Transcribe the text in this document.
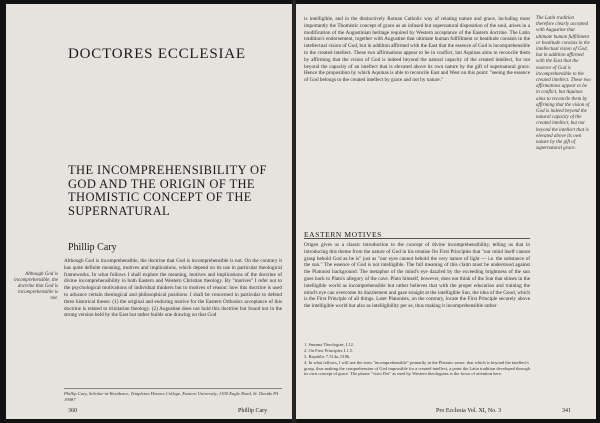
DOCTORES ECCLESIAE
THE INCOMPREHENSIBILITY OF GOD AND THE ORIGIN OF THE THOMISTIC CONCEPT OF THE SUPERNATURAL
Phillip Cary
Although God is incomprehensible, the doctrine that God is incomprehensible is not.
Although God is incomprehensible, the doctrine that God is incomprehensible is not. On the contrary it has quite definite meaning, motives and implications, which depend on its use in particular theological frameworks. In what follows I shall explore the meaning, motives and implications of the doctrine of divine incomprehensibility in both Eastern and Western Christian theology. By "motives" I refer not to the psychological motivations of individual thinkers but to motives of reason: how this doctrine is used to advance certain theological and philosophical positions. I shall be concerned in particular to defend three historical theses: (1) the original and enduring motive for the Eastern Orthodox acceptance of this doctrine is related to trinitarian theology. (2) Augustine does not hold this doctrine but found not in the strong version held by the East but rather builds one drawing on that God
Phillip Cary, Scholar-in-Residence, Templeton Honors College, Eastern University, 1300 Eagle Road, St. Davids PA 19087
360	Phillip Cary
is intelligible, and in the distinctively Roman Catholic way of relating nature and grace, including most importantly the Thomistic concept of grace as an infused but supernatural disposition of the soul, arises in a modification of the Augustinian heritage required by Western acceptance of the Eastern doctrine. The Latin tradition's endorsement, together with Augustine that ultimate human fulfillment or beatitude consists in the intellectual vision of God, but in addition affirmed with the East that the essence of God is incomprehensible to the created intellect. These two affirmations appear to be in conflict, but Aquinas aims to reconcile them by affirming that the vision of God is indeed beyond the natural capacity of the created intellect, for not beyond the capacity of an intellect that is elevated above its own nature by the gift of supernatural grace. Hence the proposition by which Aquinas is able to reconcile East and West on this point: "seeing the essence of God belongs to the created intellect by grace and not by nature."
EASTERN MOTIVES
Origen gives us a classic introduction to the concept of divine incomprehensibility, telling us that in introducing this theme from the nature of God in his treatise On First Principles that "our mind itself cannot grasp behold God as he is" just as "our eyes cannot behold the very nature of light — i.e. the substance of the sun." The essence of God is not intelligible. The full meaning of this claim must be understood against the Platonist background. The metaphor of the mind's eye dazzled by the exceeding brightness of the sun goes back to Plato's allegory of the cave. Plato himself, however, does not think of the Sun that shines in the intelligible world as incomprehensible but rather believes that with the proper education and training the mind's eye can overcome its dazzlement and gaze straight at the intelligible Sun, the idea of the Good, which is the First Principle of all things. Later Platonists, on the contrary, locate the First Principle securely above the intelligible world but also as intelligibility per se, thus making it incomprehensible rather
1. Summa Theologiae, I.12.
2. On First Principles I.1.5.
3. Republic 7.514a–518b.
4. In what follows, I will use the term "incomprehensible" primarily in the Platonic sense: that which is beyond the intellect's grasp, thus making the comprehension of God impossible for a created intellect, a point the Latin tradition developed through its own concept of grace. The phrase "visio Dei" as used by Western theologians is the focus of attention here.
The Latin tradition therefore clearly accepted with Augustine that ultimate human fulfillment or beatitude consists in the intellectual vision of God, but in addition affirmed with the East that the essence of God is incomprehensible to the created intellect. These two affirmations appear to be in conflict, but Aquinas aims to reconcile them by affirming that the vision of God is indeed beyond the natural capacity of the created intellect, but not beyond the intellect that is elevated above its own nature by the gift of supernatural grace.
Pro Ecclesia Vol. XI, No. 3	341
